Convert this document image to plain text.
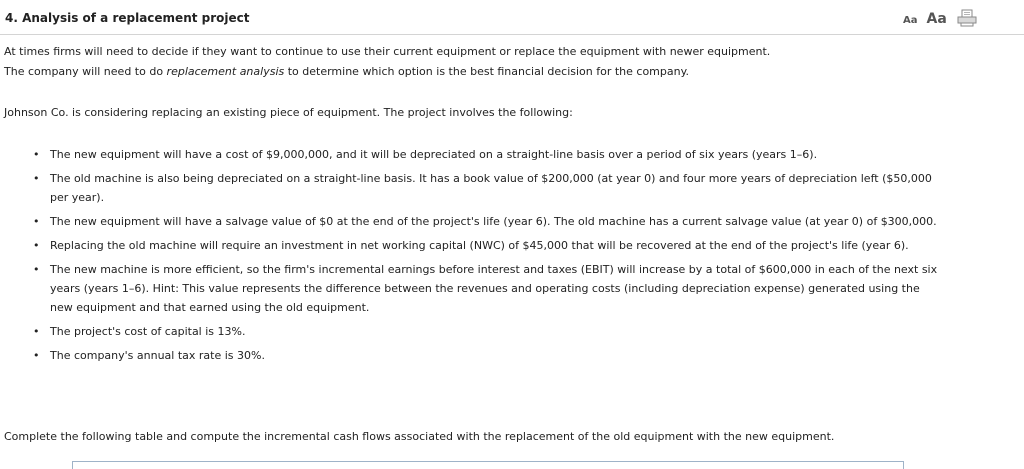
4. Analysis of a replacement project	Aa Aa

At times firms will need to decide if they want to continue to use their current equipment or replace the equipment with newer equipment.
The company will need to do replacement analysis to determine which option is the best financial decision for the company.

Johnson Co. is considering replacing an existing piece of equipment. The project involves the following:

• The new equipment will have a cost of $9,000,000, and it will be depreciated on a straight-line basis over a period of six years (years 1–6).
• The old machine is also being depreciated on a straight-line basis. It has a book value of $200,000 (at year 0) and four more years of depreciation left ($50,000 per year).
• The new equipment will have a salvage value of $0 at the end of the project's life (year 6). The old machine has a current salvage value (at year 0) of $300,000.
• Replacing the old machine will require an investment in net working capital (NWC) of $45,000 that will be recovered at the end of the project's life (year 6).
• The new machine is more efficient, so the firm's incremental earnings before interest and taxes (EBIT) will increase by a total of $600,000 in each of the next six years (years 1–6). Hint: This value represents the difference between the revenues and operating costs (including depreciation expense) generated using the new equipment and that earned using the old equipment.
• The project's cost of capital is 13%.
• The company's annual tax rate is 30%.

Complete the following table and compute the incremental cash flows associated with the replacement of the old equipment with the new equipment.
